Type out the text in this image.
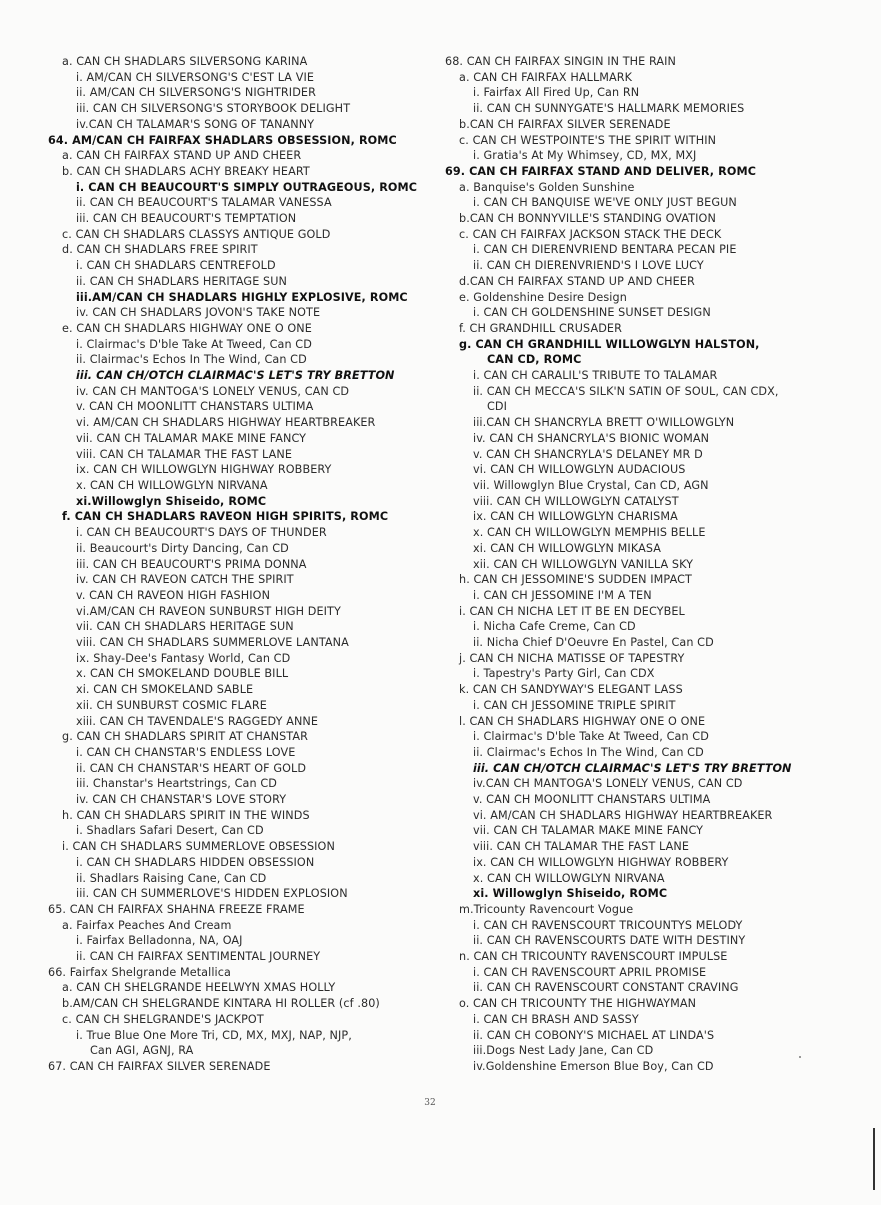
a. CAN CH SHADLARS SILVERSONG KARINA
i. AM/CAN CH SILVERSONG'S C'EST LA VIE
ii. AM/CAN CH SILVERSONG'S NIGHTRIDER
iii. CAN CH SILVERSONG'S STORYBOOK DELIGHT
iv.CAN CH TALAMAR'S SONG OF TANANNY
64. AM/CAN CH FAIRFAX SHADLARS OBSESSION, ROMC
a. CAN CH FAIRFAX STAND UP AND CHEER
b. CAN CH SHADLARS ACHY BREAKY HEART
i. CAN CH BEAUCOURT'S SIMPLY OUTRAGEOUS, ROMC
ii. CAN CH BEAUCOURT'S TALAMAR VANESSA
iii. CAN CH BEAUCOURT'S TEMPTATION
c. CAN CH SHADLARS CLASSYS ANTIQUE GOLD
d. CAN CH SHADLARS FREE SPIRIT
i. CAN CH SHADLARS CENTREFOLD
ii. CAN CH SHADLARS HERITAGE SUN
iii.AM/CAN CH SHADLARS HIGHLY EXPLOSIVE, ROMC
iv. CAN CH SHADLARS JOVON'S TAKE NOTE
e. CAN CH SHADLARS HIGHWAY ONE O ONE
i. Clairmac's D'ble Take At Tweed, Can CD
ii. Clairmac's Echos In The Wind, Can CD
iii. CAN CH/OTCH CLAIRMAC'S LET'S TRY BRETTON
iv. CAN CH MANTOGA'S LONELY VENUS, CAN CD
v. CAN CH MOONLITT CHANSTARS ULTIMA
vi. AM/CAN CH SHADLARS HIGHWAY HEARTBREAKER
vii. CAN CH TALAMAR MAKE MINE FANCY
viii. CAN CH TALAMAR THE FAST LANE
ix. CAN CH WILLOWGLYN HIGHWAY ROBBERY
x. CAN CH WILLOWGLYN NIRVANA
xi.Willowglyn Shiseido, ROMC
f. CAN CH SHADLARS RAVEON HIGH SPIRITS, ROMC
i. CAN CH BEAUCOURT'S DAYS OF THUNDER
ii. Beaucourt's Dirty Dancing, Can CD
iii. CAN CH BEAUCOURT'S PRIMA DONNA
iv. CAN CH RAVEON CATCH THE SPIRIT
v. CAN CH RAVEON HIGH FASHION
vi.AM/CAN CH RAVEON SUNBURST HIGH DEITY
vii. CAN CH SHADLARS HERITAGE SUN
viii. CAN CH SHADLARS SUMMERLOVE LANTANA
ix. Shay-Dee's Fantasy World, Can CD
x. CAN CH SMOKELAND DOUBLE BILL
xi. CAN CH SMOKELAND SABLE
xii. CH SUNBURST COSMIC FLARE
xiii. CAN CH TAVENDALE'S RAGGEDY ANNE
g. CAN CH SHADLARS SPIRIT AT CHANSTAR
i. CAN CH CHANSTAR'S ENDLESS LOVE
ii. CAN CH CHANSTAR'S HEART OF GOLD
iii. Chanstar's Heartstrings, Can CD
iv. CAN CH CHANSTAR'S LOVE STORY
h. CAN CH SHADLARS SPIRIT IN THE WINDS
i. Shadlars Safari Desert, Can CD
i. CAN CH SHADLARS SUMMERLOVE OBSESSION
i. CAN CH SHADLARS HIDDEN OBSESSION
ii. Shadlars Raising Cane, Can CD
iii. CAN CH SUMMERLOVE'S HIDDEN EXPLOSION
65. CAN CH FAIRFAX SHAHNA FREEZE FRAME
a. Fairfax Peaches And Cream
i. Fairfax Belladonna, NA, OAJ
ii. CAN CH FAIRFAX SENTIMENTAL JOURNEY
66. Fairfax Shelgrande Metallica
a. CAN CH SHELGRANDE HEELWYN XMAS HOLLY
b.AM/CAN CH SHELGRANDE KINTARA HI ROLLER (cf .80)
c. CAN CH SHELGRANDE'S JACKPOT
i. True Blue One More Tri, CD, MX, MXJ, NAP, NJP,
Can AGI, AGNJ, RA
67. CAN CH FAIRFAX SILVER SERENADE
68. CAN CH FAIRFAX SINGIN IN THE RAIN
a. CAN CH FAIRFAX HALLMARK
i. Fairfax All Fired Up, Can RN
ii. CAN CH SUNNYGATE'S HALLMARK MEMORIES
b.CAN CH FAIRFAX SILVER SERENADE
c. CAN CH WESTPOINTE'S THE SPIRIT WITHIN
i. Gratia's At My Whimsey, CD, MX, MXJ
69. CAN CH FAIRFAX STAND AND DELIVER, ROMC
a. Banquise's Golden Sunshine
i. CAN CH BANQUISE WE'VE ONLY JUST BEGUN
b.CAN CH BONNYVILLE'S STANDING OVATION
c. CAN CH FAIRFAX JACKSON STACK THE DECK
i. CAN CH DIERENVRIEND BENTARA PECAN PIE
ii. CAN CH DIERENVRIEND'S I LOVE LUCY
d.CAN CH FAIRFAX STAND UP AND CHEER
e. Goldenshine Desire Design
i. CAN CH GOLDENSHINE SUNSET DESIGN
f. CH GRANDHILL CRUSADER
g. CAN CH GRANDHILL WILLOWGLYN HALSTON,
CAN CD, ROMC
i. CAN CH CARALIL'S TRIBUTE TO TALAMAR
ii. CAN CH MECCA'S SILK'N SATIN OF SOUL, CAN CDX,
CDI
iii.CAN CH SHANCRYLA BRETT O'WILLOWGLYN
iv. CAN CH SHANCRYLA'S BIONIC WOMAN
v. CAN CH SHANCRYLA'S DELANEY MR D
vi. CAN CH WILLOWGLYN AUDACIOUS
vii. Willowglyn Blue Crystal, Can CD, AGN
viii. CAN CH WILLOWGLYN CATALYST
ix. CAN CH WILLOWGLYN CHARISMA
x. CAN CH WILLOWGLYN MEMPHIS BELLE
xi. CAN CH WILLOWGLYN MIKASA
xii. CAN CH WILLOWGLYN VANILLA SKY
h. CAN CH JESSOMINE'S SUDDEN IMPACT
i. CAN CH JESSOMINE I'M A TEN
i. CAN CH NICHA LET IT BE EN DECYBEL
i. Nicha Cafe Creme, Can CD
ii. Nicha Chief D'Oeuvre En Pastel, Can CD
j. CAN CH NICHA MATISSE OF TAPESTRY
i. Tapestry's Party Girl, Can CDX
k. CAN CH SANDYWAY'S ELEGANT LASS
i. CAN CH JESSOMINE TRIPLE SPIRIT
l. CAN CH SHADLARS HIGHWAY ONE O ONE
i. Clairmac's D'ble Take At Tweed, Can CD
ii. Clairmac's Echos In The Wind, Can CD
iii. CAN CH/OTCH CLAIRMAC'S LET'S TRY BRETTON
iv.CAN CH MANTOGA'S LONELY VENUS, CAN CD
v. CAN CH MOONLITT CHANSTARS ULTIMA
vi. AM/CAN CH SHADLARS HIGHWAY HEARTBREAKER
vii. CAN CH TALAMAR MAKE MINE FANCY
viii. CAN CH TALAMAR THE FAST LANE
ix. CAN CH WILLOWGLYN HIGHWAY ROBBERY
x. CAN CH WILLOWGLYN NIRVANA
xi. Willowglyn Shiseido, ROMC
m.Tricounty Ravencourt Vogue
i. CAN CH RAVENSCOURT TRICOUNTYS MELODY
ii. CAN CH RAVENSCOURTS DATE WITH DESTINY
n. CAN CH TRICOUNTY RAVENSCOURT IMPULSE
i. CAN CH RAVENSCOURT APRIL PROMISE
ii. CAN CH RAVENSCOURT CONSTANT CRAVING
o. CAN CH TRICOUNTY THE HIGHWAYMAN
i. CAN CH BRASH AND SASSY
ii. CAN CH COBONY'S MICHAEL AT LINDA'S
iii.Dogs Nest Lady Jane, Can CD
iv.Goldenshine Emerson Blue Boy, Can CD
32
